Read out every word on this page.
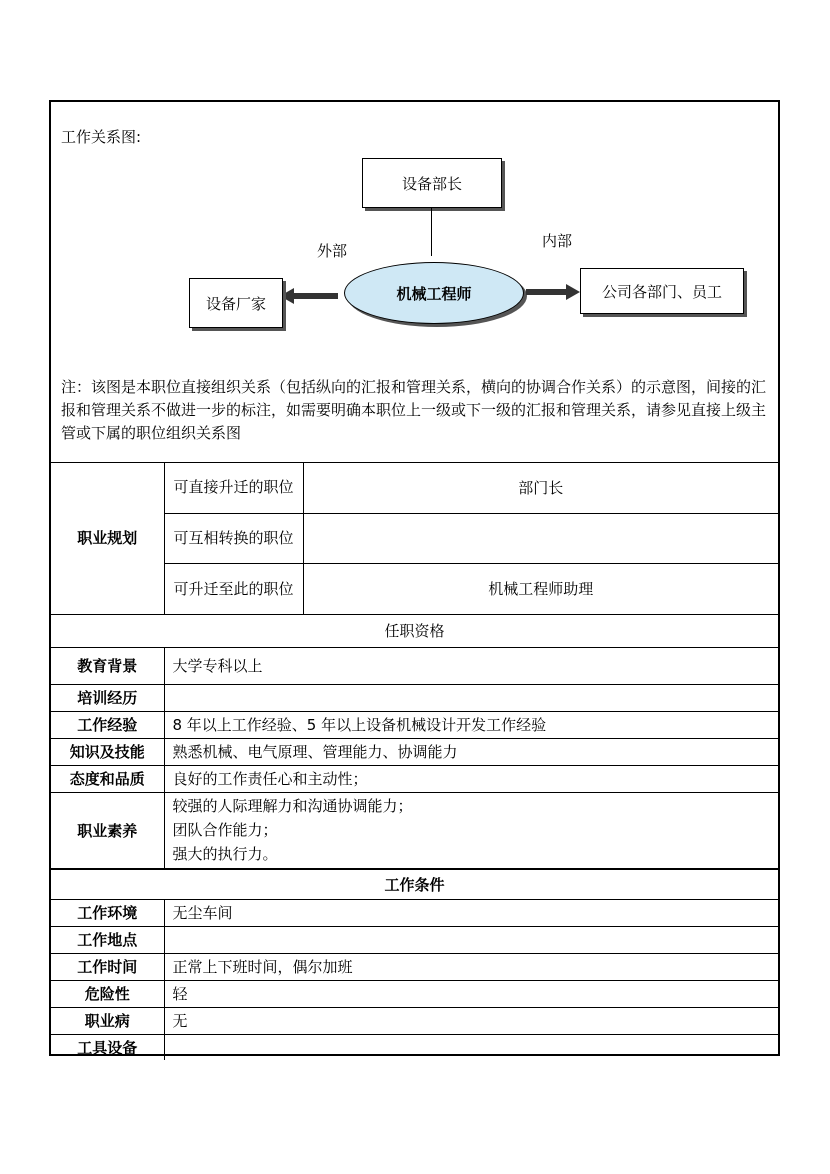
工作关系图:
设备部长
外部
内部
机械工程师
设备厂家
公司各部门、员工
注：该图是本职位直接组织关系（包括纵向的汇报和管理关系，横向的协调合作关系）的示意图，间接的汇报和管理关系不做进一步的标注，如需要明确本职位上一级或下一级的汇报和管理关系，请参见直接上级主管或下属的职位组织关系图
职业规划	可直接升迁的职位	部门长
	可互相转换的职位	
	可升迁至此的职位	机械工程师助理
任职资格		
教育背景	大学专科以上	
培训经历		
工作经验	8 年以上工作经验、5 年以上设备机械设计开发工作经验	
知识及技能	熟悉机械、电气原理、管理能力、协调能力	
态度和品质	良好的工作责任心和主动性；	
职业素养	较强的人际理解力和沟通协调能力；
团队合作能力；
强大的执行力。	

工作条件		
工作环境	无尘车间	
工作地点		
工作时间	正常上下班时间，偶尔加班	
危险性	轻	
职业病	无	
工具设备		
